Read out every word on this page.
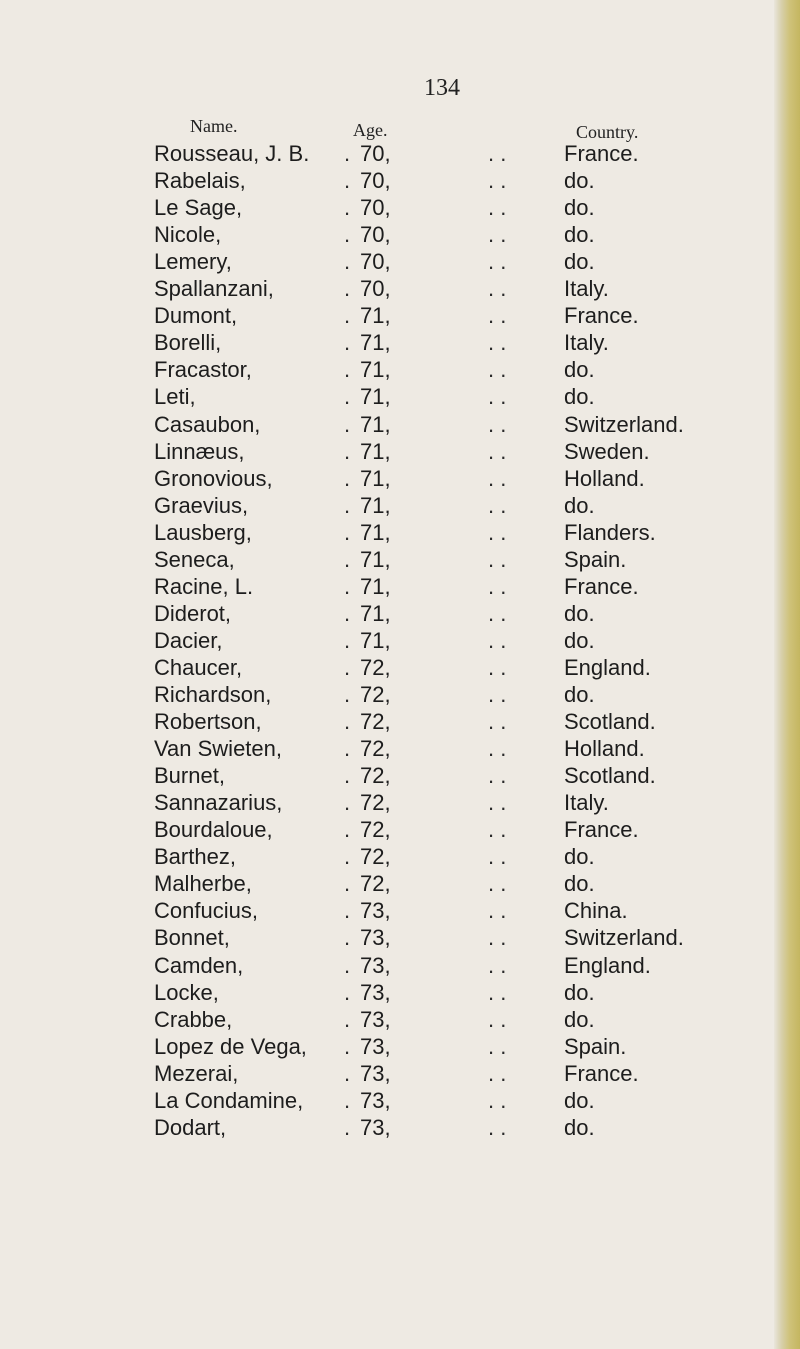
134
Name.	Age.	Country.
Rousseau, J. B. . 70,	. .	France.
Rabelais,	. 70,	. .	do.
Le Sage,	. 70,	. .	do.
Nicole,	. 70,	. .	do.
Lemery,	. 70,	. .	do.
Spallanzani,	. 70,	. .	Italy.
Dumont,	. 71,	. .	France.
Borelli,	. 71,	. .	Italy.
Fracastor,	. 71,	. .	do.
Leti,	. 71,	. .	do.
Casaubon,	. 71,	. .	Switzerland.
Linnæus,	. 71,	. .	Sweden.
Gronovious,	. 71,	. .	Holland.
Graevius,	. 71,	. .	do.
Lausberg,	. 71,	. .	Flanders.
Seneca,	. 71,	. .	Spain.
Racine, L.	. 71,	. .	France.
Diderot,	. 71,	. .	do.
Dacier,	. 71,	. .	do.
Chaucer,	. 72,	. .	England.
Richardson,	. 72,	. .	do.
Robertson,	. 72,	. .	Scotland.
Van Swieten,	. 72,	. .	Holland.
Burnet,	. 72,	. .	Scotland.
Sannazarius,	. 72,	. .	Italy.
Bourdaloue,	. 72,	. .	France.
Barthez,	. 72,	. .	do.
Malherbe,	. 72,	. .	do.
Confucius,	. 73,	. .	China.
Bonnet,	. 73,	. .	Switzerland.
Camden,	. 73,	. .	England.
Locke,	. 73,	. .	do.
Crabbe,	. 73,	. .	do.
Lopez de Vega, . 73,	. .	Spain.
Mezerai,	. 73,	. .	France.
La Condamine, . 73,	. .	do.
Dodart,	. 73,	. .	do.
